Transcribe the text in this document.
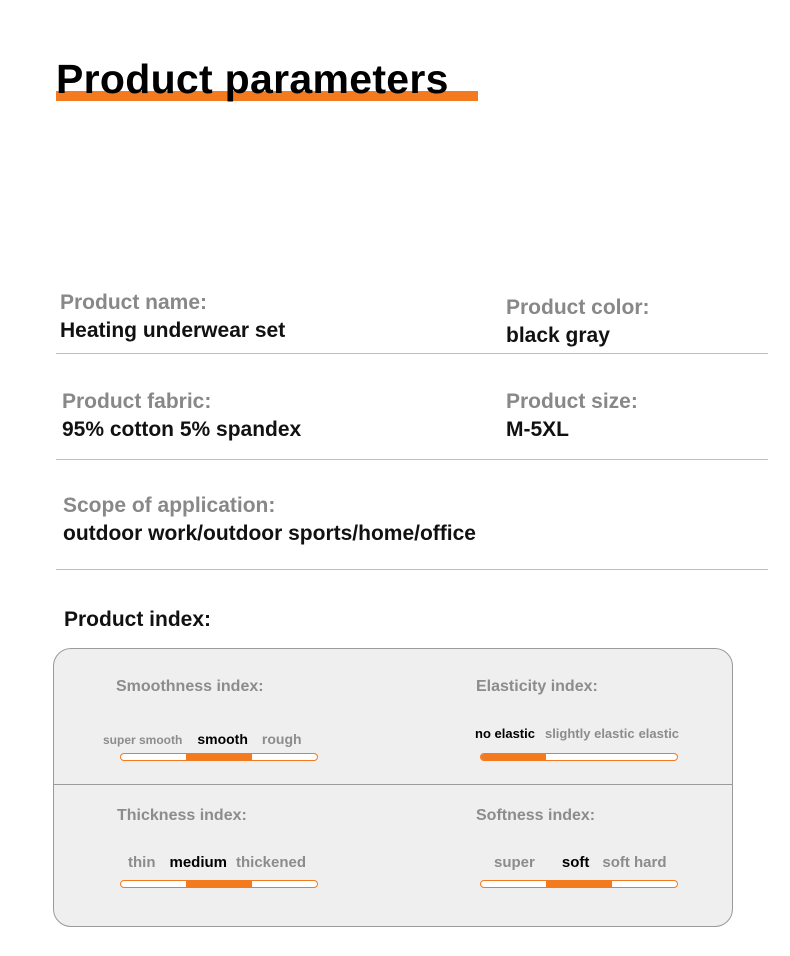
Product parameters
Product name:
Heating underwear set
Product color:
black gray
Product fabric:
95% cotton 5% spandex
Product size:
M-5XL
Scope of application:
outdoor work/outdoor sports/home/office
Product index:
Smoothness index:
super smooth smooth rough
Elasticity index:
no elastic slightly elastic elastic
Thickness index:
thin medium thickened
Softness index:
super soft soft hard
